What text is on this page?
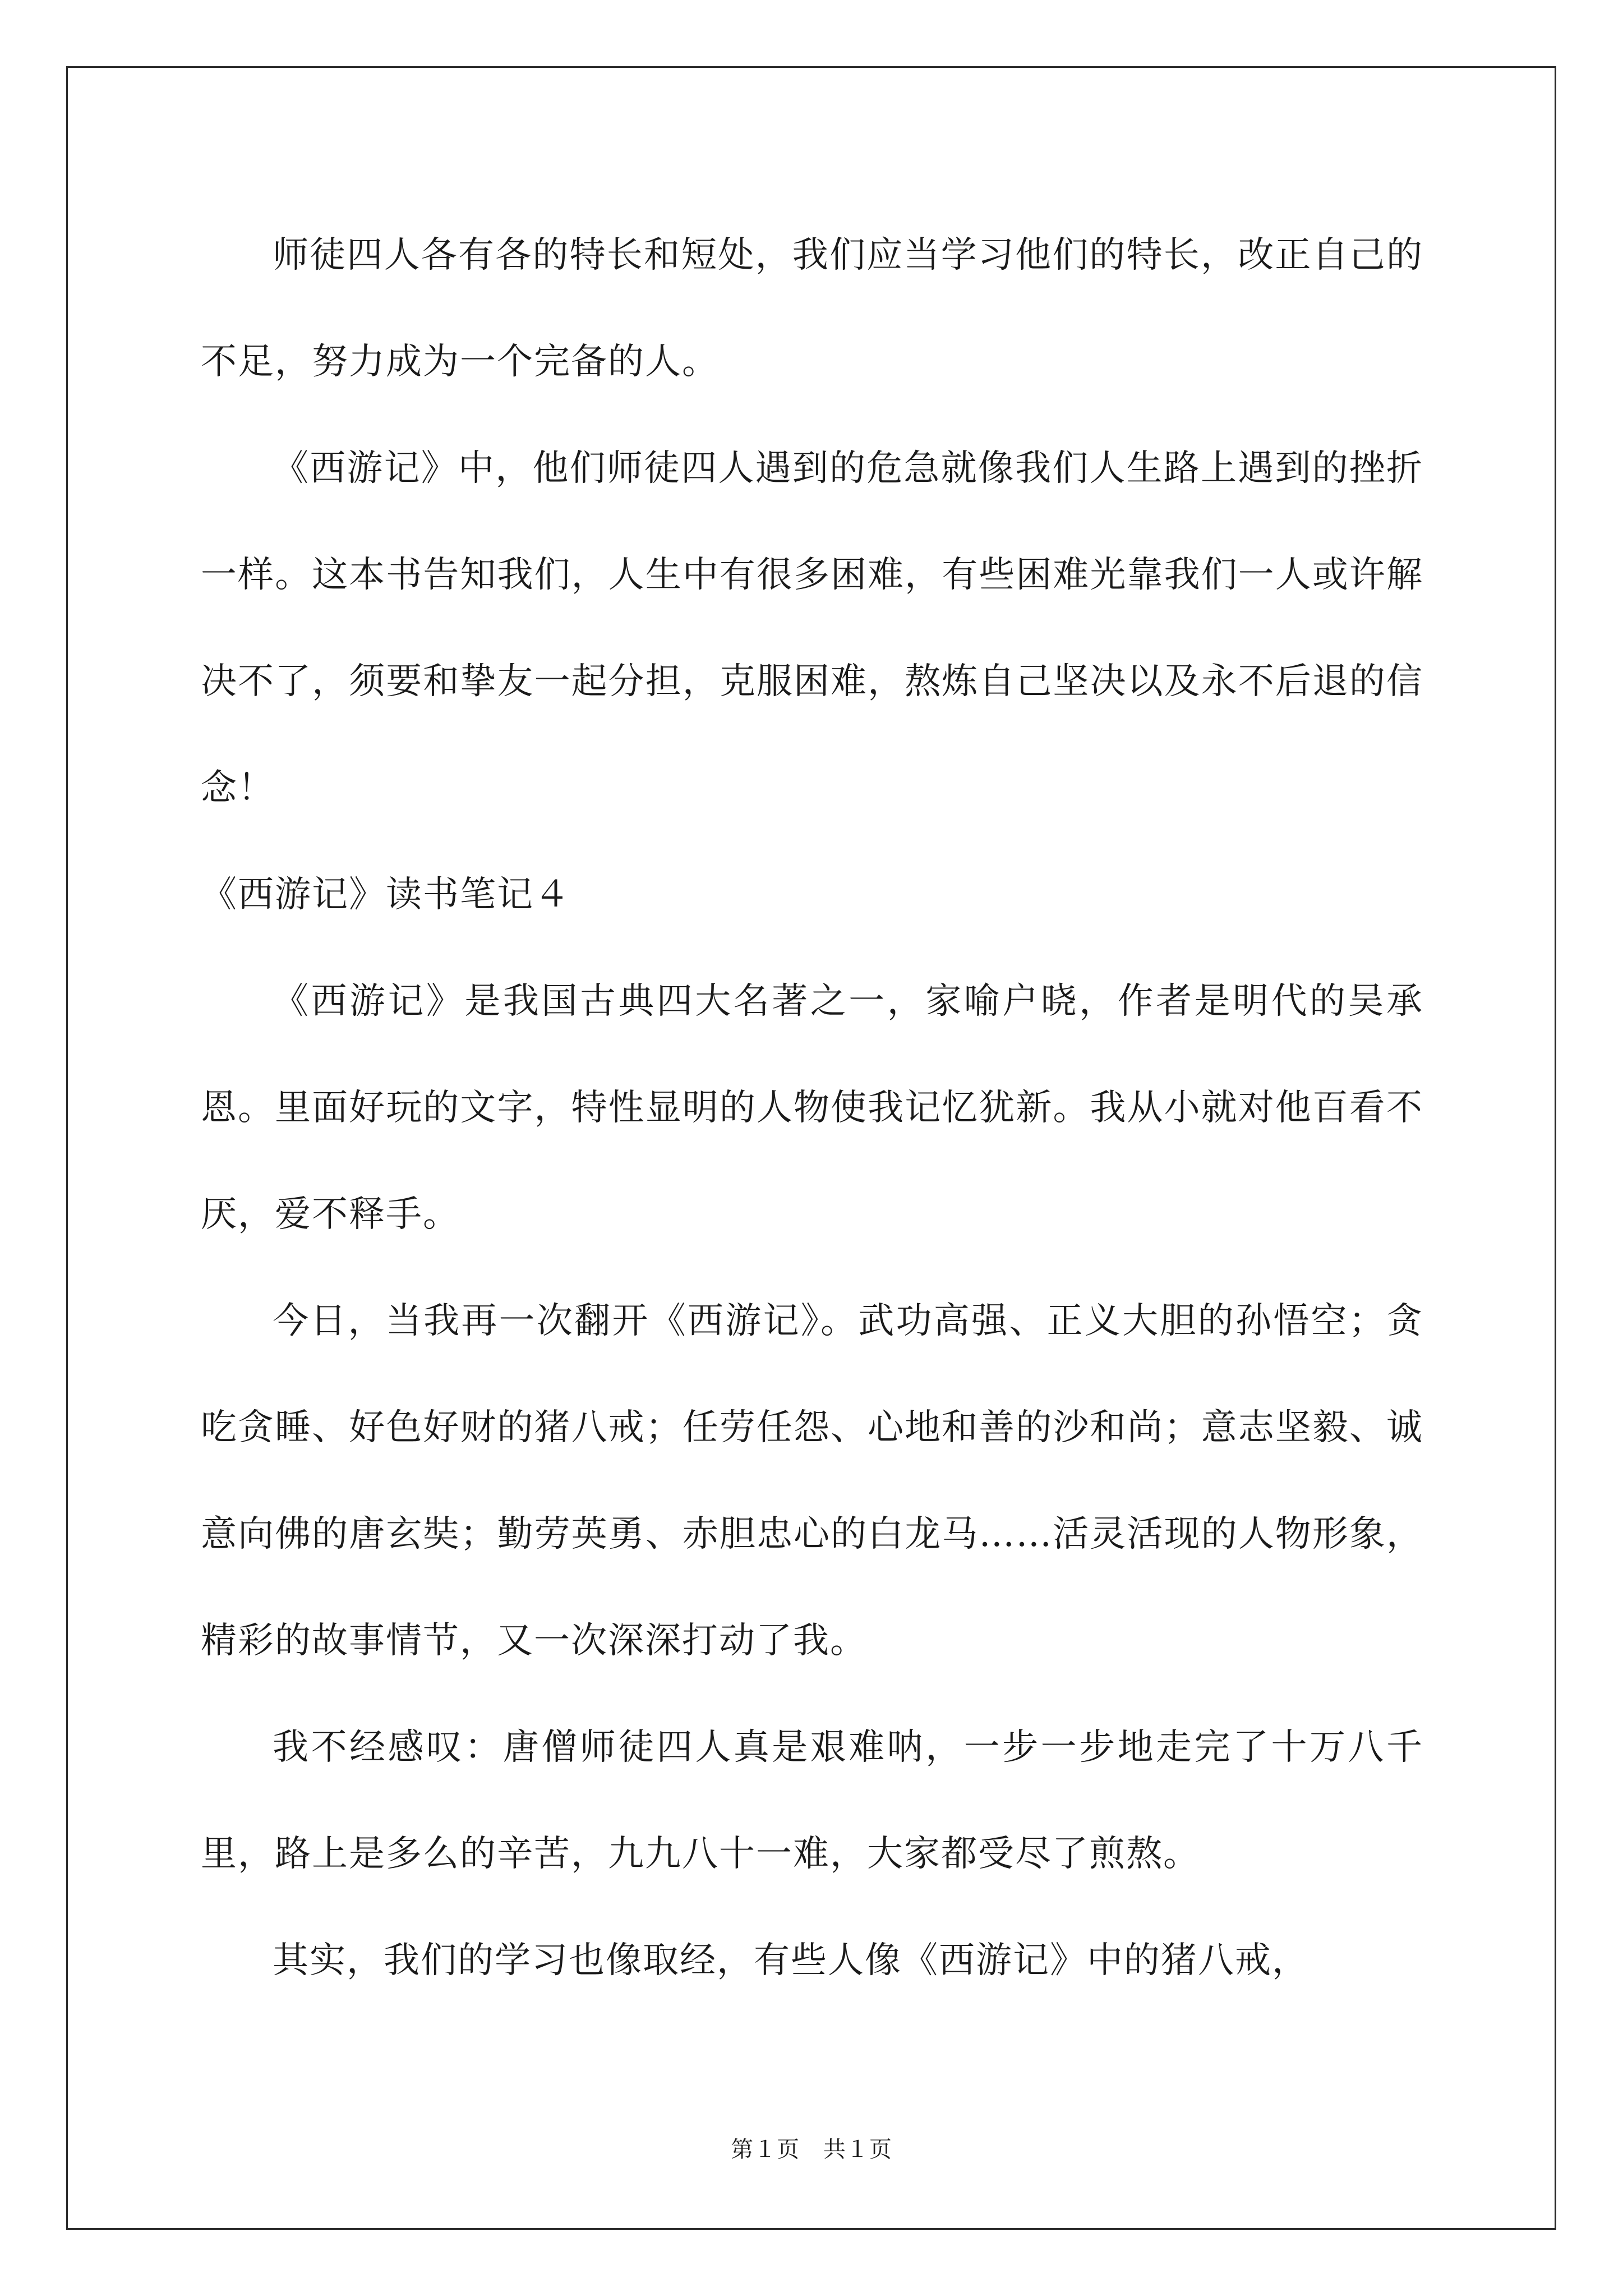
师徒四人各有各的特长和短处，我们应当学习他们的特长，改正自己的不足，努力成为一个完备的人。

《西游记》中，他们师徒四人遇到的危急就像我们人生路上遇到的挫折一样。这本书告知我们，人生中有很多困难，有些困难光靠我们一人或许解决不了，须要和挚友一起分担，克服困难，熬炼自己坚决以及永不后退的信念！

《西游记》读书笔记４

《西游记》是我国古典四大名著之一，家喻户晓，作者是明代的吴承恩。里面好玩的文字，特性显明的人物使我记忆犹新。我从小就对他百看不厌，爱不释手。

今日，当我再一次翻开《西游记》。武功高强、正义大胆的孙悟空；贪吃贪睡、好色好财的猪八戒；任劳任怨、心地和善的沙和尚；意志坚毅、诚意向佛的唐玄奘；勤劳英勇、赤胆忠心的白龙马……活灵活现的人物形象，精彩的故事情节，又一次深深打动了我。

我不经感叹：唐僧师徒四人真是艰难呐，一步一步地走完了十万八千里，路上是多么的辛苦，九九八十一难，大家都受尽了煎熬。

其实，我们的学习也像取经，有些人像《西游记》中的猪八戒，

第１页 共１页
